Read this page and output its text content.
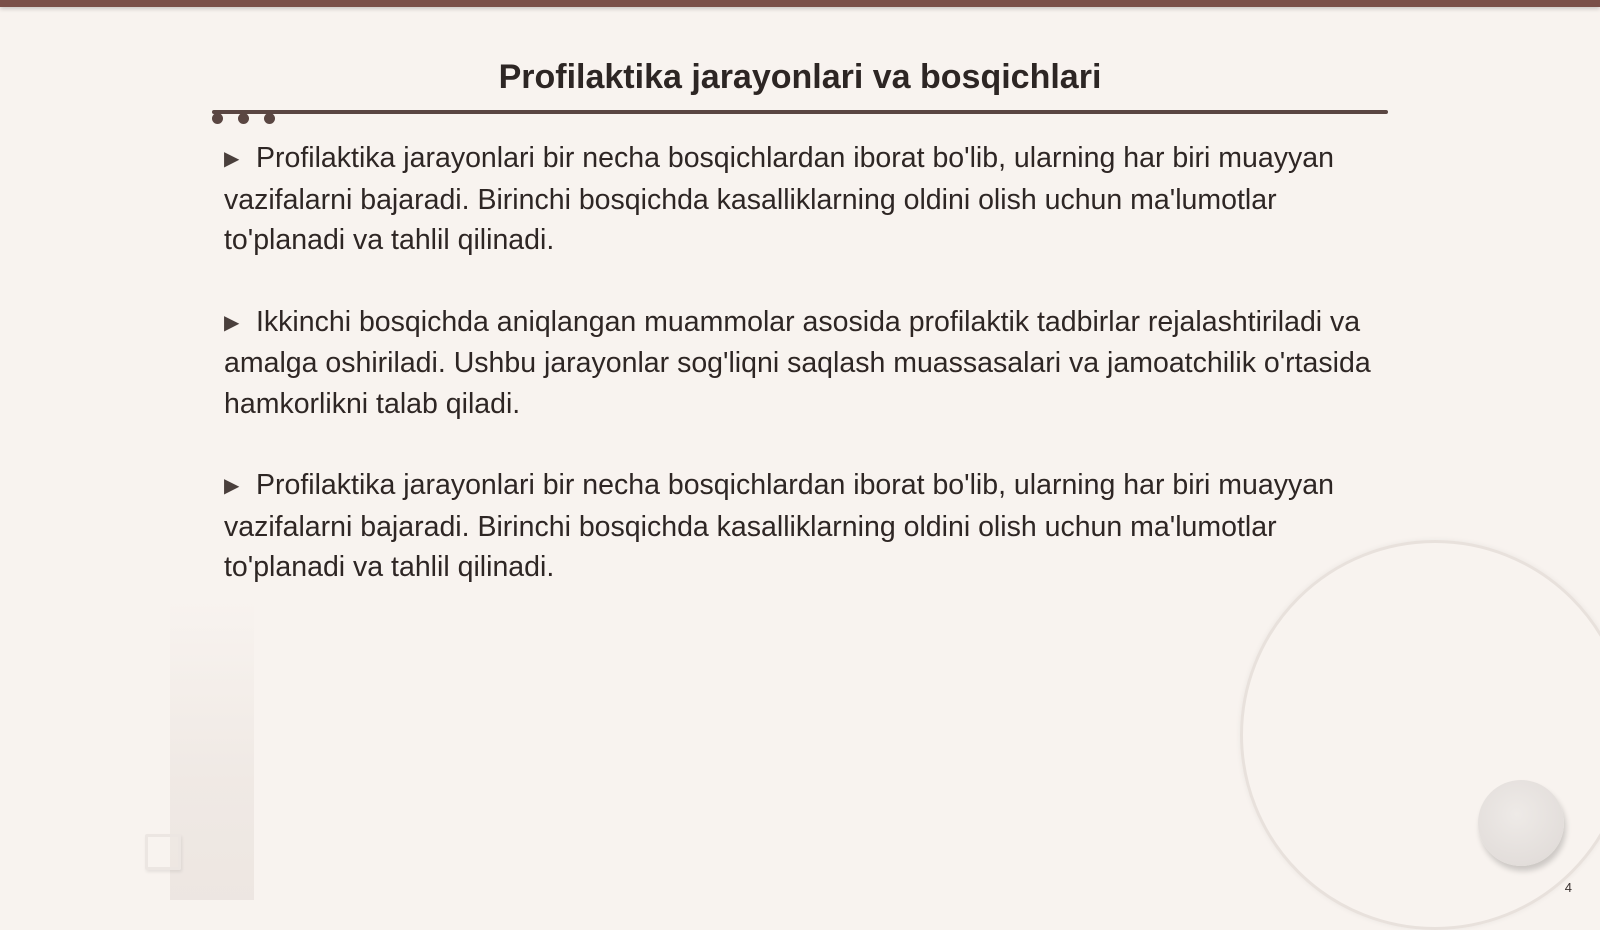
Profilaktika jarayonlari va bosqichlari

▶ Profilaktika jarayonlari bir necha bosqichlardan iborat bo'lib, ularning har biri muayyan vazifalarni bajaradi. Birinchi bosqichda kasalliklarning oldini olish uchun ma'lumotlar to'planadi va tahlil qilinadi.

▶ Ikkinchi bosqichda aniqlangan muammolar asosida profilaktik tadbirlar rejalashtiriladi va amalga oshiriladi. Ushbu jarayonlar sog'liqni saqlash muassasalari va jamoatchilik o'rtasida hamkorlikni talab qiladi.

▶ Profilaktika jarayonlari bir necha bosqichlardan iborat bo'lib, ularning har biri muayyan vazifalarni bajaradi. Birinchi bosqichda kasalliklarning oldini olish uchun ma'lumotlar to'planadi va tahlil qilinadi.

4
